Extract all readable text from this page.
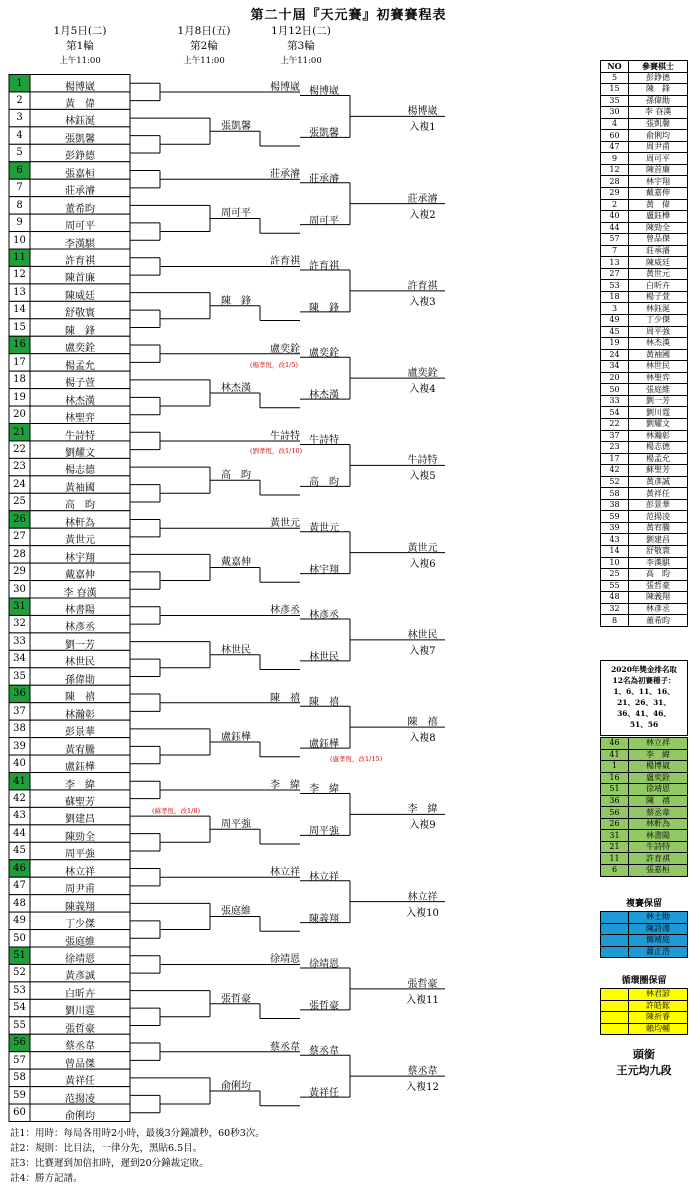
第二十屆『天元賽』初賽賽程表
1月5日(二)
第1輪
上午11:00
1月8日(五)
第2輪
上午11:00
1月12日(二)
第3輪
上午11:00
1	楊博崴
2	黃　偉
3	林鈺涎
4	張凱馨
5	彭錚德
6	張嘉桓
7	莊承濬
8	董希昀
9	周可平
10	李漢騏
11	許育祺
12	陳首廉
13	陳威廷
14	舒敬寰
15	陳　鋒
16	盧奕銓
17	楊孟允
18	楊子萱
19	林杰漢
20	林聖弈
21	牛詩特
22	劉耀文
23	楊志德
24	黃袖國
25	高　昀
26	林軒為
27	黃世元
28	林宇翔
29	戴嘉伸
30	李 昚漢
31	林書陽
32	林彥丞
33	劉一芳
34	林世民
35	孫偉勛
36	陳　禧
37	林瀚彰
38	彭景華
39	黃宥騰
40	盧鈺樺
41	李　緯
42	蘇聖芳
43	劉建昌
44	陳勁全
45	周平強
46	林立祥
47	周尹甫
48	陳義翔
49	丁少傑
50	張庭維
51	徐靖恩
52	黃彥誠
53	白昕卉
54	劉川霆
55	張哲豪
56	蔡丞韋
57	曾品傑
58	黃祥任
59	范揚凌
60	俞俐均
楊博崴
張凱馨
楊博崴
張凱馨
楊博崴
入複1
莊承濬
周可平
莊承濬
周可平
莊承濬
入複2
許育祺
陳　鋒
許育祺
陳　鋒
許育祺
入複3
盧奕銓
林杰漢
盧奕銓
林杰漢
盧奕銓
入複4
牛詩特
高　昀
牛詩特
高　昀
牛詩特
入複5
黃世元
戴嘉伸
黃世元
林宇翔
黃世元
入複6
林彥丞
林世民
林彥丞
林世民
林世民
入複7
陳　禧
盧鈺樺
陳　禧
盧鈺樺
陳　禧
入複8
李　緯
周平強
李　緯
周平強
李　緯
入複9
林立祥
張庭維
林立祥
陳義翔
林立祥
入複10
徐靖恩
張哲豪
徐靖恩
張哲豪
張哲豪
入複11
蔡丞韋
俞俐均
蔡丞韋
黃祥任
蔡丞韋
入複12
(楊孝恆，改1/5)
(劉孝恆，改1/10)
(盧孝恆，改1/15)
(蘇孝恆，改1/8)
NO	參賽棋士
5	彭錚德
15	陳　鋒
35	孫偉勛
30	李 昚漢
4	張凱馨
60	俞俐均
47	周尹甫
9	周可平
12	陳首廉
28	林宇翔
29	戴嘉伸
2	黃　偉
40	盧鈺樺
44	陳勁全
57	曾品傑
7	莊承濬
13	陳威廷
27	黃世元
53	白昕卉
18	楊子萱
3	林鈺涎
49	丁少傑
45	周平強
19	林杰漢
24	黃袖國
34	林世民
20	林聖弈
50	張庭維
33	劉一芳
54	劉川霆
22	劉耀文
37	林瀚彰
23	楊志德
17	楊孟允
42	蘇聖芳
52	黃彥誠
58	黃祥任
38	彭景華
59	范揚凌
39	黃宥騰
43	劉建昌
14	舒敬寰
10	李漢騏
25	高　昀
55	張哲豪
48	陳義翔
32	林彥丞
8	董希昀
2020年獎金排名取
12名為初賽種子：
1、6、11、16、
21、26、31、
36、41、46、
51、56
46	林立祥
41	李　緯
1	楊博崴
16	盧奕銓
51	徐靖恩
36	陳　禧
56	蔡丞韋
26	林軒為
31	林書陽
21	牛詩特
11	許育祺
6	張嘉桓
複賽保留
	林士勛
	陳詩淵
	簡靖庭
	蕭正浩
循環圈保留
	林君諺
	許皓鋐
	陳祈睿
	賴均輔
頭銜
王元均九段
註1：用時：每局各用時2小時，最後3分鐘讀秒，60秒3次。
註2：規則：比目法，一律分先，黑貼6.5目。
註3：比賽遲到加倍扣時，遲到20分鐘裁定敗。
註4：勝方記譜。
